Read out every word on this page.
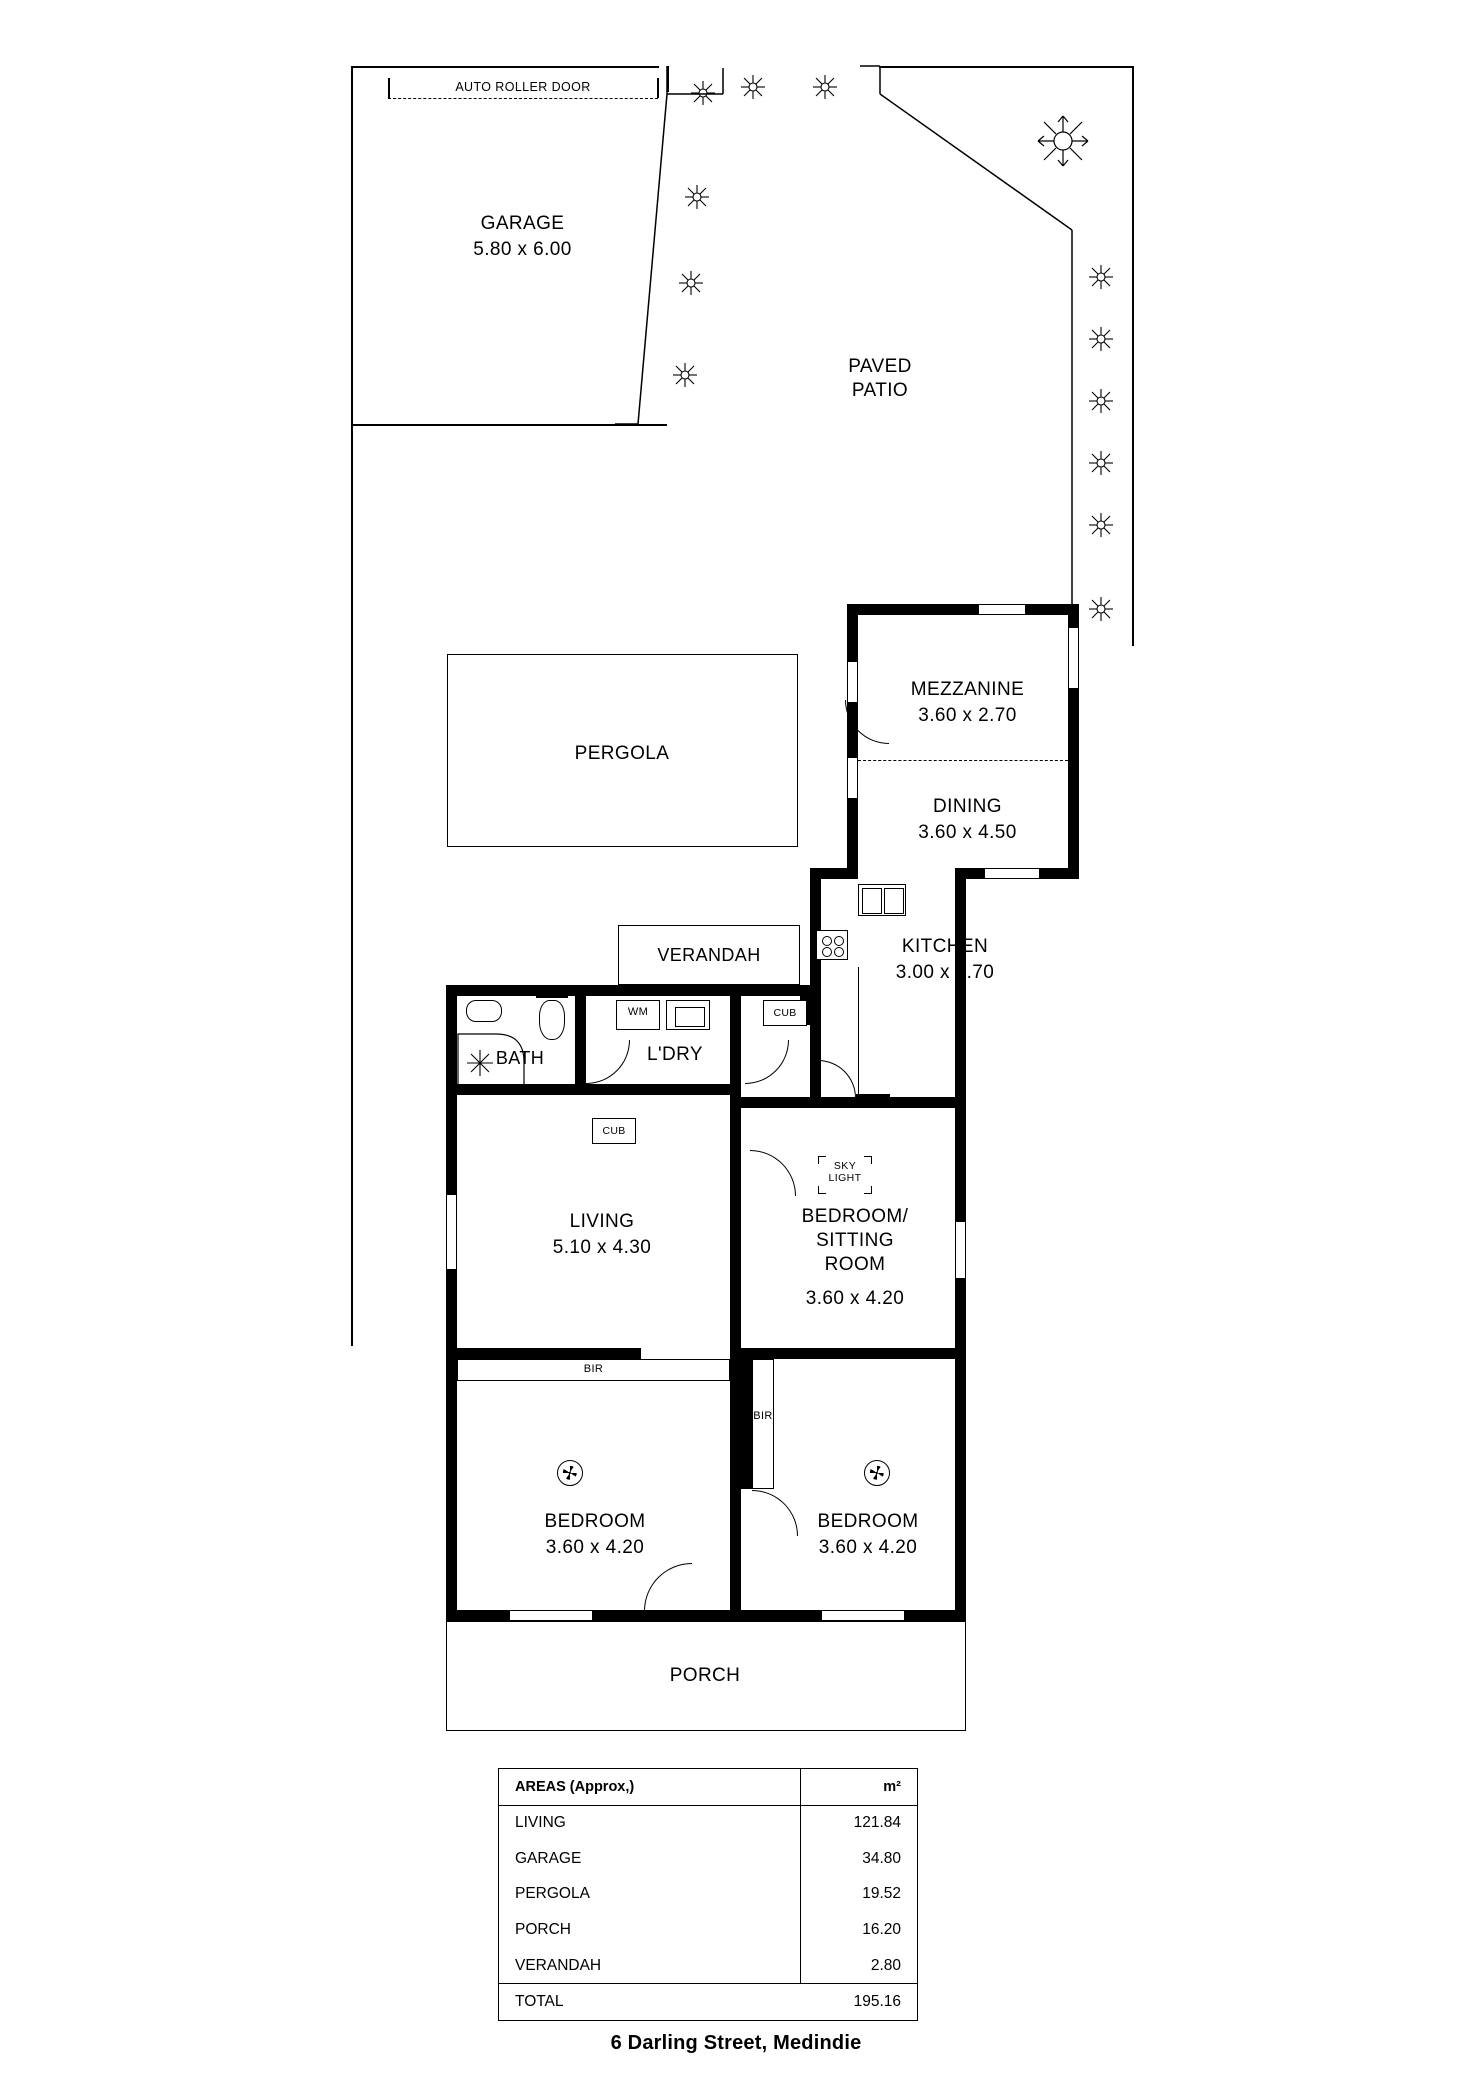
AUTO ROLLER DOOR
GARAGE
5.80 x 6.00
PAVED
PATIO
PERGOLA
MEZZANINE
3.60 x 2.70
DINING
3.60 x 4.50
KITCHEN
3.00 x 3.70
VERANDAH
WM	CUB
L'DRY
BATH
CUB
LIVING
5.10 x 4.30
SKY
LIGHT
BEDROOM/
SITTING
ROOM
3.60 x 4.20
BIR
BEDROOM
3.60 x 4.20
BIR
BEDROOM
3.60 x 4.20
PORCH
AREAS (Approx,)	m²
LIVING	121.84
GARAGE	34.80
PERGOLA	19.52
PORCH	16.20
VERANDAH	2.80
TOTAL	195.16
6 Darling Street, Medindie
